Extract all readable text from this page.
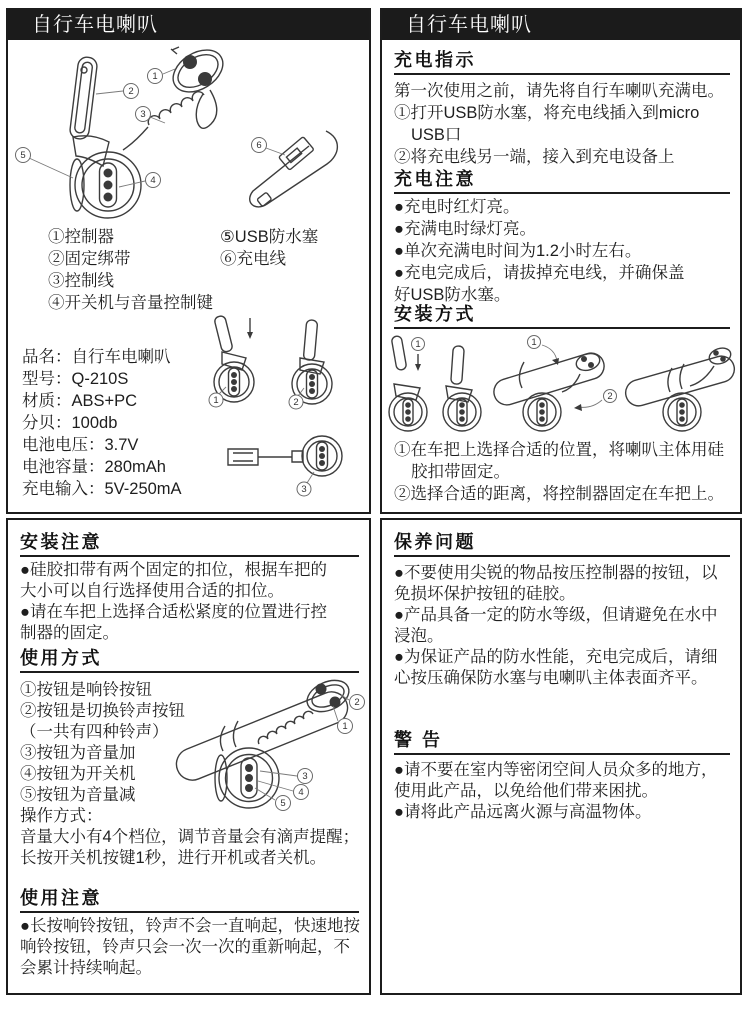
自行车电喇叭
1
2
3
4
5
6
①控制器
②固定绑带
③控制线
④开关机与音量控制键
⑤USB防水塞
⑥充电线
品名：自行车电喇叭
型号：Q-210S
材质：ABS+PC
分贝：100db
电池电压：3.7V
电池容量：280mAh
充电输入：5V-250mA
1	2
3
自行车电喇叭
充电指示

第一次使用之前，请先将自行车喇叭充满电。

①打开USB防水塞，将充电线插入到micro USB口

②将充电线另一端，接入到充电设备上

充电注意

●充电时红灯亮。

●充满电时绿灯亮。

●单次充满电时间为1.2小时左右。

●充电完成后，请拔掉充电线，并确保盖好USB防水塞。

安装方式
1	1
2

①在车把上选择合适的位置，将喇叭主体用硅胶扣带固定。

②选择合适的距离，将控制器固定在车把上。

安装注意

●硅胶扣带有两个固定的扣位，根据车把的大小可以自行选择使用合适的扣位。

●请在车把上选择合适松紧度的位置进行控制器的固定。

使用方式

①按钮是响铃按钮

②按钮是切换铃声按钮

（一共有四种铃声）

③按钮为音量加

④按钮为开关机

⑤按钮为音量减

操作方式：

音量大小有4个档位，调节音量会有滴声提醒；

长按开关机按键1秒，进行开机或者关机。

2
1
3
4
5
使用注意

●长按响铃按钮，铃声不会一直响起，快速地按响铃按钮，铃声只会一次一次的重新响起，不会累计持续响起。

保养问题

●不要使用尖锐的物品按压控制器的按钮，以免损坏保护按钮的硅胶。

●产品具备一定的防水等级，但请避免在水中浸泡。

●为保证产品的防水性能，充电完成后，请细心按压确保防水塞与电喇叭主体表面齐平。

警 告

●请不要在室内等密闭空间人员众多的地方，使用此产品，以免给他们带来困扰。

●请将此产品远离火源与高温物体。
